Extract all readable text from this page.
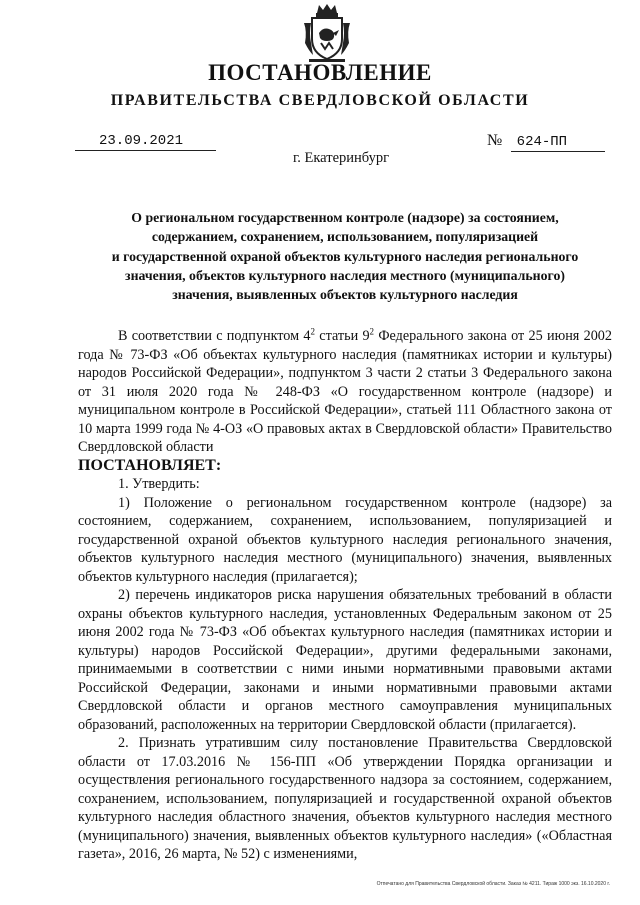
ПОСТАНОВЛЕНИЕ
ПРАВИТЕЛЬСТВА СВЕРДЛОВСКОЙ ОБЛАСТИ
23.09.2021	№ 624-ПП
г. Екатеринбург
О региональном государственном контроле (надзоре) за состоянием,
содержанием, сохранением, использованием, популяризацией
и государственной охраной объектов культурного наследия регионального
значения, объектов культурного наследия местного (муниципального)
значения, выявленных объектов культурного наследия

В соответствии с подпунктом $4^2$ статьи $9^2$ Федерального закона от 25 июня 2002 года № 73-ФЗ «Об объектах культурного наследия (памятниках истории и культуры) народов Российской Федерации», подпунктом 3 части 2 статьи 3 Федерального закона от 31 июля 2020 года № 248-ФЗ «О государственном контроле (надзоре) и муниципальном контроле в Российской Федерации», статьей 111 Областного закона от 10 марта 1999 года № 4-ОЗ «О правовых актах в Свердловской области» Правительство Свердловской области

ПОСТАНОВЛЯЕТ:

1. Утвердить:

1) Положение о региональном государственном контроле (надзоре) за состоянием, содержанием, сохранением, использованием, популяризацией и государственной охраной объектов культурного наследия регионального значения, объектов культурного наследия местного (муниципального) значения, выявленных объектов культурного наследия (прилагается);

2) перечень индикаторов риска нарушения обязательных требований в области охраны объектов культурного наследия, установленных Федеральным законом от 25 июня 2002 года № 73-ФЗ «Об объектах культурного наследия (памятниках истории и культуры) народов Российской Федерации», другими федеральными законами, принимаемыми в соответствии с ними иными нормативными правовыми актами Российской Федерации, законами и иными нормативными правовыми актами Свердловской области и органов местного самоуправления муниципальных образований, расположенных на территории Свердловской области (прилагается).

2. Признать утратившим силу постановление Правительства Свердловской области от 17.03.2016 № 156-ПП «Об утверждении Порядка организации и осуществления регионального государственного надзора за состоянием, содержанием, сохранением, использованием, популяризацией и государственной охраной объектов культурного наследия областного значения, объектов культурного наследия местного (муниципального) значения, выявленных объектов культурного наследия» («Областная газета», 2016, 26 марта, № 52) с изменениями,

Отпечатано для Правительства Свердловской области. Заказ № 4211. Тираж 1000 экз. 16.10.2020 г.
